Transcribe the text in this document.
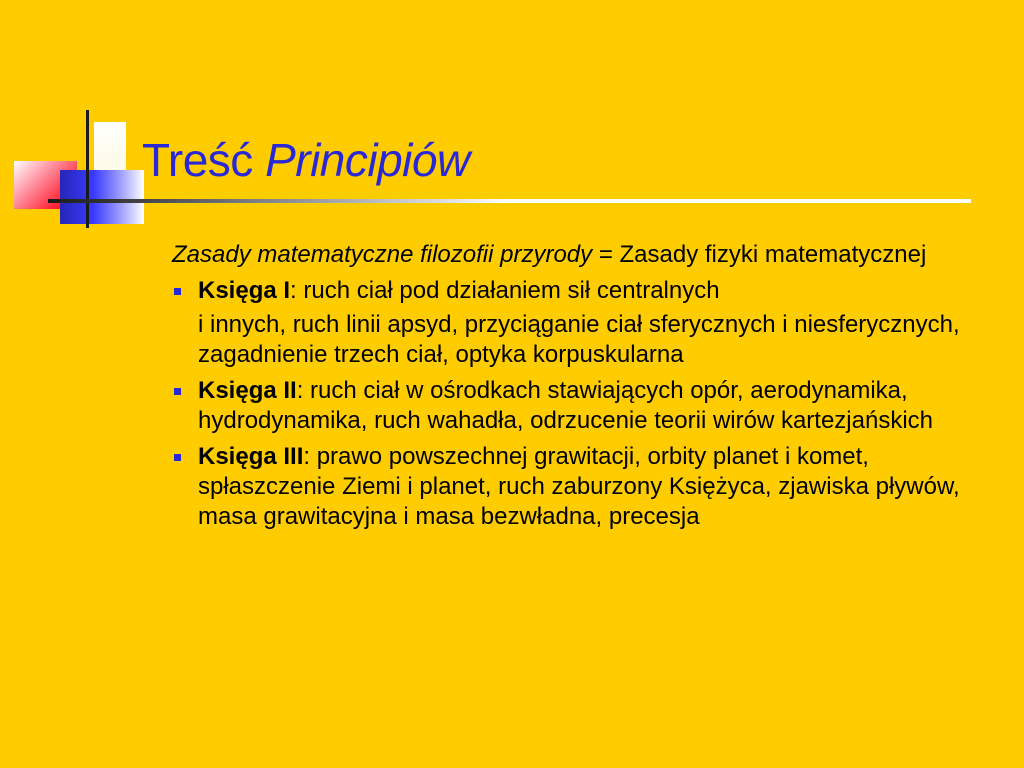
Treść Principiów

Zasady matematyczne filozofii przyrody = Zasady fizyki matematycznej

Księga I: ruch ciał pod działaniem sił centralnych

i innych, ruch linii apsyd, przyciąganie ciał sferycznych i niesferycznych, zagadnienie trzech ciał, optyka korpuskularna

Księga II: ruch ciał w ośrodkach stawiających opór, aerodynamika, hydrodynamika, ruch wahadła, odrzucenie teorii wirów kartezjańskich

Księga III: prawo powszechnej grawitacji, orbity planet i komet, spłaszczenie Ziemi i planet, ruch zaburzony Księżyca, zjawiska pływów, masa grawitacyjna i masa bezwładna, precesja
